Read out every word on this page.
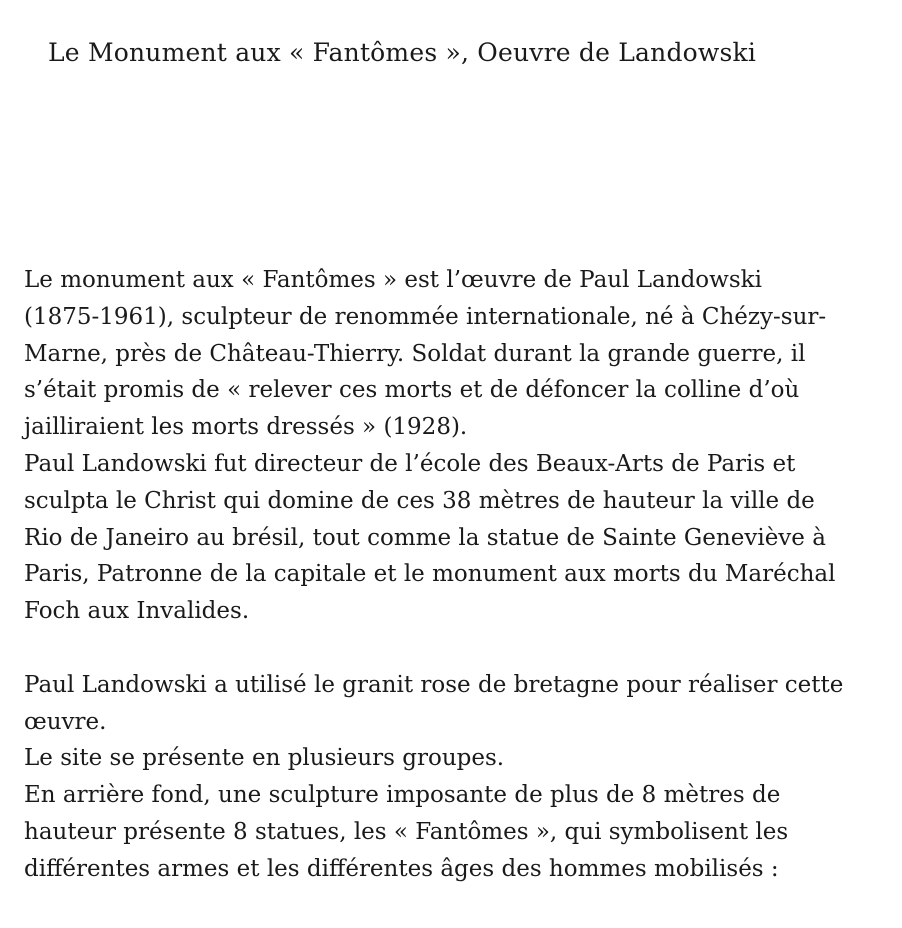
Le Monument aux « Fantômes », Oeuvre de Landowski
Le monument aux « Fantômes » est l’œuvre de Paul Landowski
(1875-1961), sculpteur de renommée internationale, né à Chézy-sur-
Marne, près de Château-Thierry. Soldat durant la grande guerre, il
s’était promis de « relever ces morts et de défoncer la colline d’où
jailliraient les morts dressés » (1928).
Paul Landowski fut directeur de l’école des Beaux-Arts de Paris et
sculpta le Christ qui domine de ces 38 mètres de hauteur la ville de
Rio de Janeiro au brésil, tout comme la statue de Sainte Geneviève à
Paris, Patronne de la capitale et le monument aux morts du Maréchal
Foch aux Invalides.
Paul Landowski a utilisé le granit rose de bretagne pour réaliser cette
œuvre.
Le site se présente en plusieurs groupes.
En arrière fond, une sculpture imposante de plus de 8 mètres de
hauteur présente 8 statues, les « Fantômes », qui symbolisent les
différentes armes et les différentes âges des hommes mobilisés :
